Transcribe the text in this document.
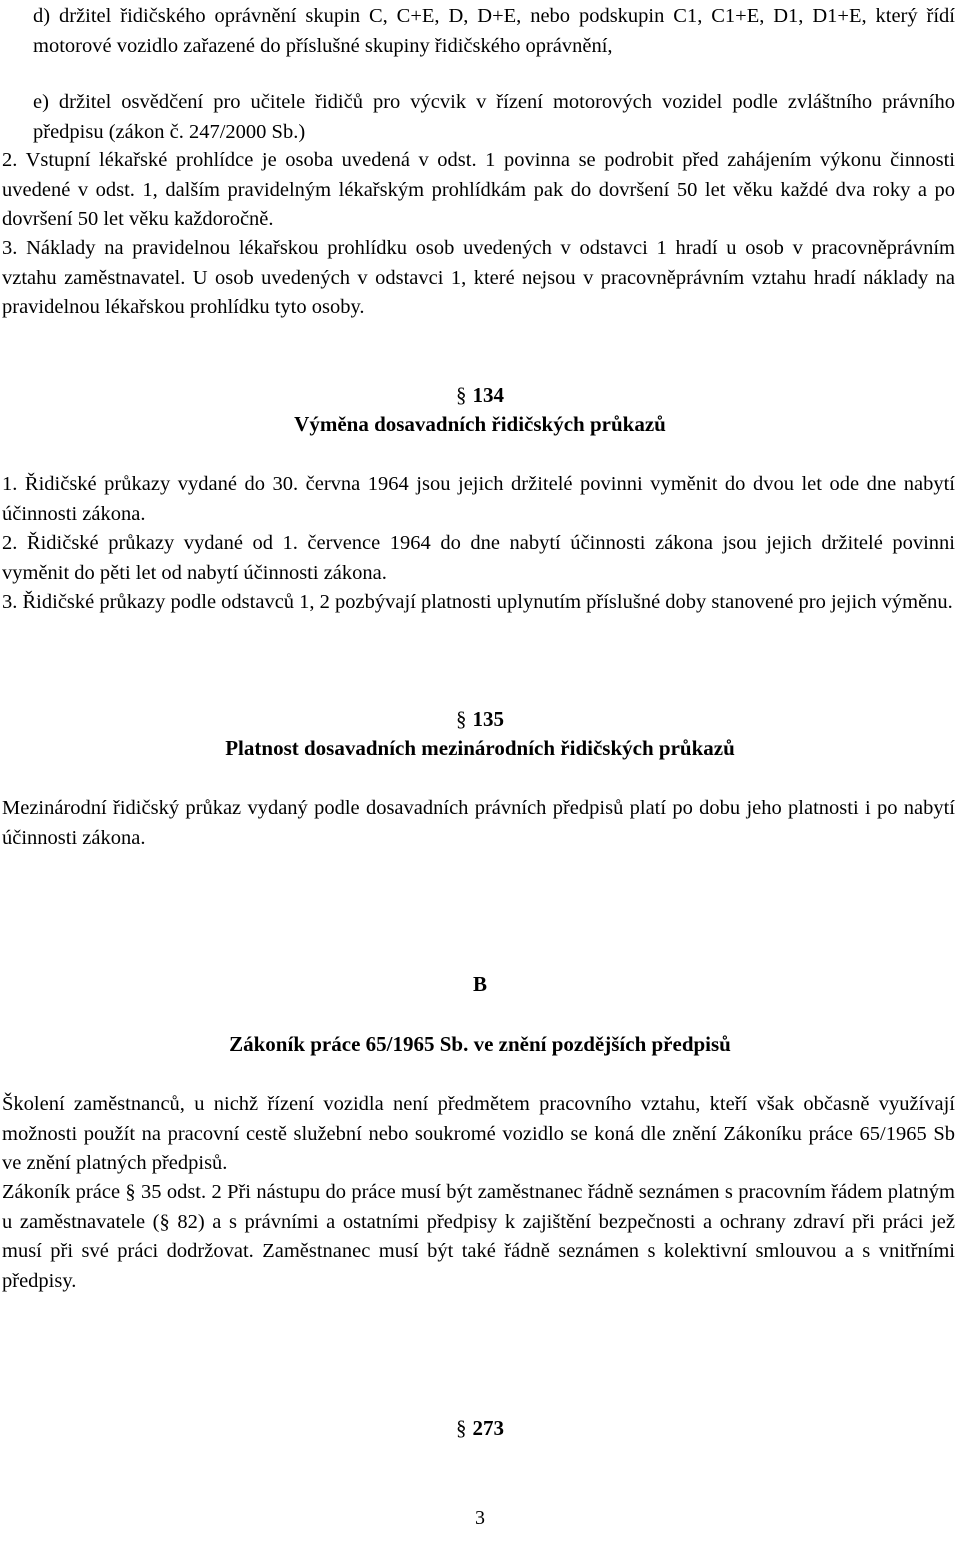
d) držitel řidičského oprávnění skupin C, C+E, D, D+E, nebo podskupin C1, C1+E, D1, D1+E, který řídí motorové vozidlo zařazené do příslušné skupiny řidičského oprávnění,

e) držitel osvědčení pro učitele řidičů pro výcvik v řízení motorových vozidel podle zvláštního právního předpisu (zákon č. 247/2000 Sb.)

2. Vstupní lékařské prohlídce je osoba uvedená v odst. 1 povinna se podrobit před zahájením výkonu činnosti uvedené v odst. 1, dalším pravidelným lékařským prohlídkám pak do dovršení 50 let věku každé dva roky a po dovršení 50 let věku každoročně.

3. Náklady na pravidelnou lékařskou prohlídku osob uvedených v odstavci 1 hradí u osob v pracovněprávním vztahu zaměstnavatel. U osob uvedených v odstavci 1, které nejsou v pracovněprávním vztahu hradí náklady na pravidelnou lékařskou prohlídku tyto osoby.

§ 134
Výměna dosavadních řidičských průkazů

1. Řidičské průkazy vydané do 30. června 1964 jsou jejich držitelé povinni vyměnit do dvou let ode dne nabytí účinnosti zákona.

2. Řidičské průkazy vydané od 1. července 1964 do dne nabytí účinnosti zákona jsou jejich držitelé povinni vyměnit do pěti let od nabytí účinnosti zákona.

3. Řidičské průkazy podle odstavců 1, 2 pozbývají platnosti uplynutím příslušné doby stanovené pro jejich výměnu.

§ 135
Platnost dosavadních mezinárodních řidičských průkazů

Mezinárodní řidičský průkaz vydaný podle dosavadních právních předpisů platí po dobu jeho platnosti i po nabytí účinnosti zákona.

B
Zákoník práce 65/1965 Sb. ve znění pozdějších předpisů

Školení zaměstnanců, u nichž řízení vozidla není předmětem pracovního vztahu, kteří však občasně využívají možnosti použít na pracovní cestě služební nebo soukromé vozidlo se koná dle znění Zákoníku práce 65/1965 Sb ve znění platných předpisů.

Zákoník práce § 35 odst. 2 Při nástupu do práce musí být zaměstnanec řádně seznámen s pracovním řádem platným u zaměstnavatele (§ 82) a s právními a ostatními předpisy k zajištění bezpečnosti a ochrany zdraví při práci jež musí při své práci dodržovat. Zaměstnanec musí být také řádně seznámen s kolektivní smlouvou a s vnitřními předpisy.

§ 273
3
